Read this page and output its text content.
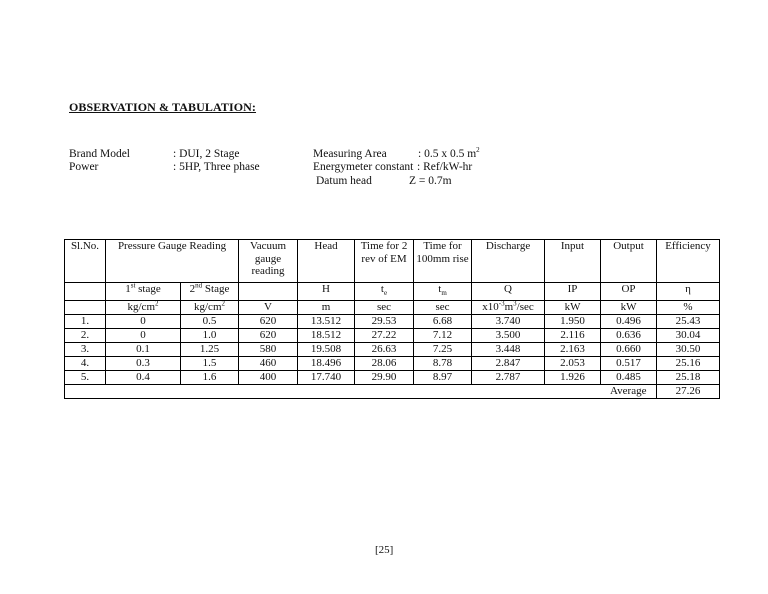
OBSERVATION & TABULATION:
Brand Model	: DUI, 2 Stage
Power	: 5HP, Three phase
Measuring Area	: 0.5 x 0.5 $m^2$
Energymeter constant : Ref/kW-hr
Datum head	Z = 0.7m
Sl.No.	Pressure Gauge Reading		Vacuum gauge reading	Head	Time for 2 rev of EM	Time for 100mm rise	Discharge	Input	Output	Efficiency
	1st stage	2nd Stage		H	$t_e$	$t_m$	Q	IP	OP	η
	$kg/cm^2$	$kg/cm^2$	V	m	sec	sec	$x10^{-3}m^3/\sec$	kW	kW	%
1.	0	0.5	620	13.512	29.53	6.68	3.740	1.950	0.496	25.43
2.	0	1.0	620	18.512	27.22	7.12	3.500	2.116	0.636	30.04
3.	0.1	1.25	580	19.508	26.63	7.25	3.448	2.163	0.660	30.50
4.	0.3	1.5	460	18.496	28.06	8.78	2.847	2.053	0.517	25.16
5.	0.4	1.6	400	17.740	29.90	8.97	2.787	1.926	0.485	25.18
									Average	27.26
[25]
